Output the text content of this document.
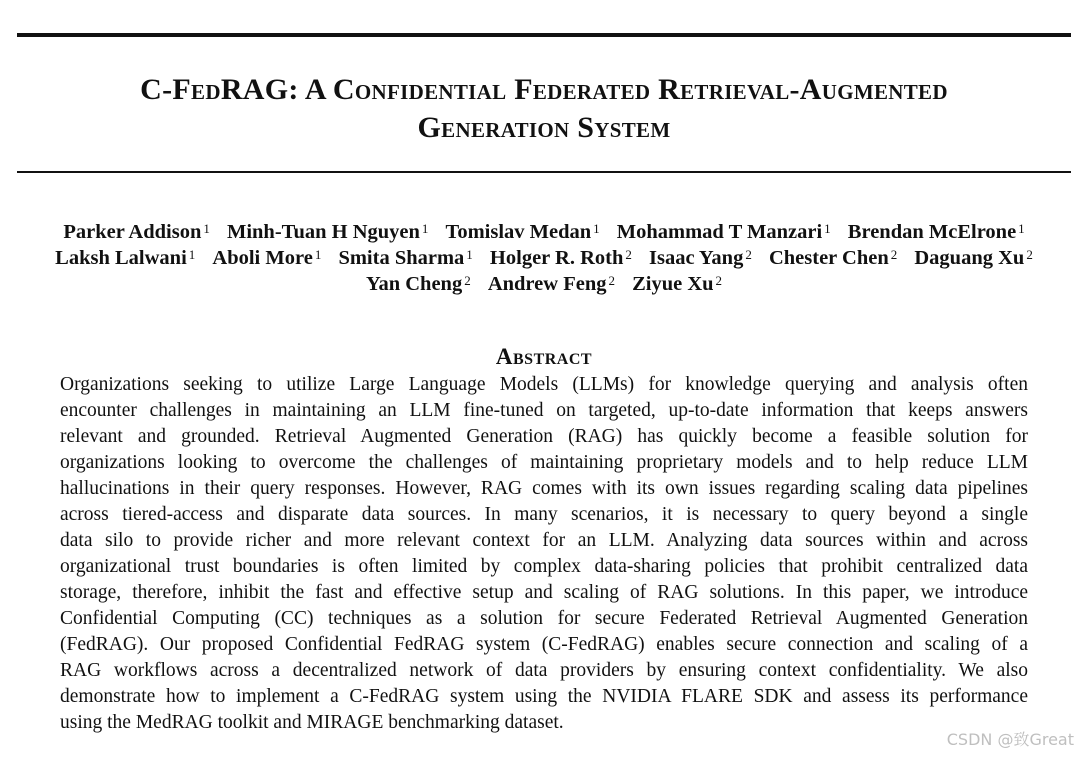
C-FedRAG: A Confidential Federated Retrieval-Augmented
Generation System
Parker Addison $^1$ Minh-Tuan H Nguyen $^1$ Tomislav Medan $^1$ Mohammad T Manzari $^1$ Brendan McElrone $^1$
Laksh Lalwani $^1$ Aboli More $^1$ Smita Sharma $^1$ Holger R. Roth $^2$ Isaac Yang $^2$ Chester Chen $^2$ Daguang Xu $^2$
Yan Cheng $^2$ Andrew Feng $^2$ Ziyue Xu $^2$
Abstract
Organizations seeking to utilize Large Language Models (LLMs) for knowledge querying and analysis often
encounter challenges in maintaining an LLM fine-tuned on targeted, up-to-date information that keeps answers
relevant and grounded. Retrieval Augmented Generation (RAG) has quickly become a feasible solution for
organizations looking to overcome the challenges of maintaining proprietary models and to help reduce LLM
hallucinations in their query responses. However, RAG comes with its own issues regarding scaling data pipelines
across tiered-access and disparate data sources. In many scenarios, it is necessary to query beyond a single
data silo to provide richer and more relevant context for an LLM. Analyzing data sources within and across
organizational trust boundaries is often limited by complex data-sharing policies that prohibit centralized data
storage, therefore, inhibit the fast and effective setup and scaling of RAG solutions. In this paper, we introduce
Confidential Computing (CC) techniques as a solution for secure Federated Retrieval Augmented Generation
(FedRAG). Our proposed Confidential FedRAG system (C-FedRAG) enables secure connection and scaling of a
RAG workflows across a decentralized network of data providers by ensuring context confidentiality. We also
demonstrate how to implement a C-FedRAG system using the NVIDIA FLARE SDK and assess its performance
using the MedRAG toolkit and MIRAGE benchmarking dataset.
CSDN @致Great
